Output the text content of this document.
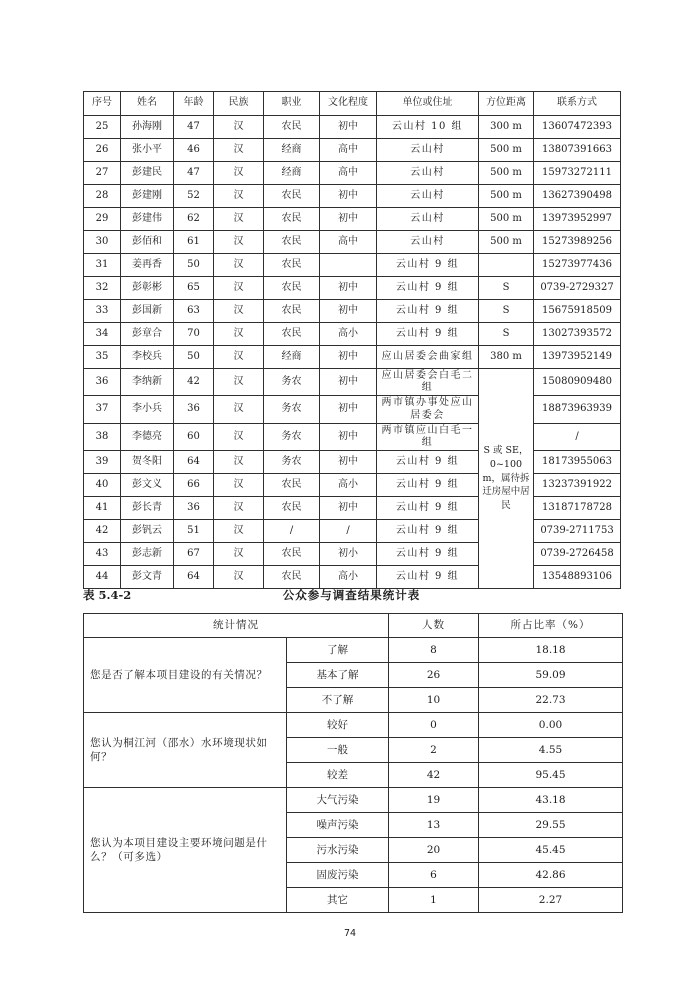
序号	姓名	年龄	民族	职业	文化程度	单位或住址	方位距离	联系方式
25	孙海刚	47	汉	农民	初中	云山村 10 组	300 m	13607472393
26	张小平	46	汉	经商	高中	云山村	500 m	13807391663
27	彭建民	47	汉	经商	高中	云山村	500 m	15973272111
28	彭建刚	52	汉	农民	初中	云山村	500 m	13627390498
29	彭建伟	62	汉	农民	初中	云山村	500 m	13973952997
30	彭佰和	61	汉	农民	高中	云山村	500 m	15273989256
31	姜再香	50	汉	农民		云山村 9 组		15273977436
32	彭彰彬	65	汉	农民	初中	云山村 9 组	S	0739-2729327
33	彭国新	63	汉	农民	初中	云山村 9 组	S	15675918509
34	彭章合	70	汉	农民	高小	云山村 9 组	S	13027393572
35	李校兵	50	汉	经商	初中	应山居委会曲家组	380 m	13973952149
36	李纳新	42	汉	务农	初中	应山居委会白毛二组	S 或 SE，0~100 m，属待拆迁房屋中居民	15080909480
37	李小兵	36	汉	务农	初中	两市镇办事处应山居委会		18873963939
38	李德亮	60	汉	务农	初中	两市镇应山白毛一组		/
39	贺冬阳	64	汉	务农	初中	云山村 9 组		18173955063
40	彭文义	66	汉	农民	高小	云山村 9 组		13237391922
41	彭长青	36	汉	农民	初中	云山村 9 组		13187178728
42	彭钒云	51	汉	/	/	云山村 9 组		0739-2711753
43	彭志新	67	汉	农民	初小	云山村 9 组		0739-2726458
44	彭文青	64	汉	农民	高小	云山村 9 组		13548893106
表 5.4-2	公众参与调查结果统计表
统计情况		人数	所占比率（%）
您是否了解本项目建设的有关情况？	了解	8	18.18
	基本了解	26	59.09
	不了解	10	22.73
您认为桐江河（邵水）水环境现状如何？	较好	0	0.00
	一般	2	4.55
	较差	42	95.45
您认为本项目建设主要环境问题是什么？（可多选）	大气污染	19	43.18
	噪声污染	13	29.55
	污水污染	20	45.45
	固废污染	6	42.86
	其它	1	2.27
74
